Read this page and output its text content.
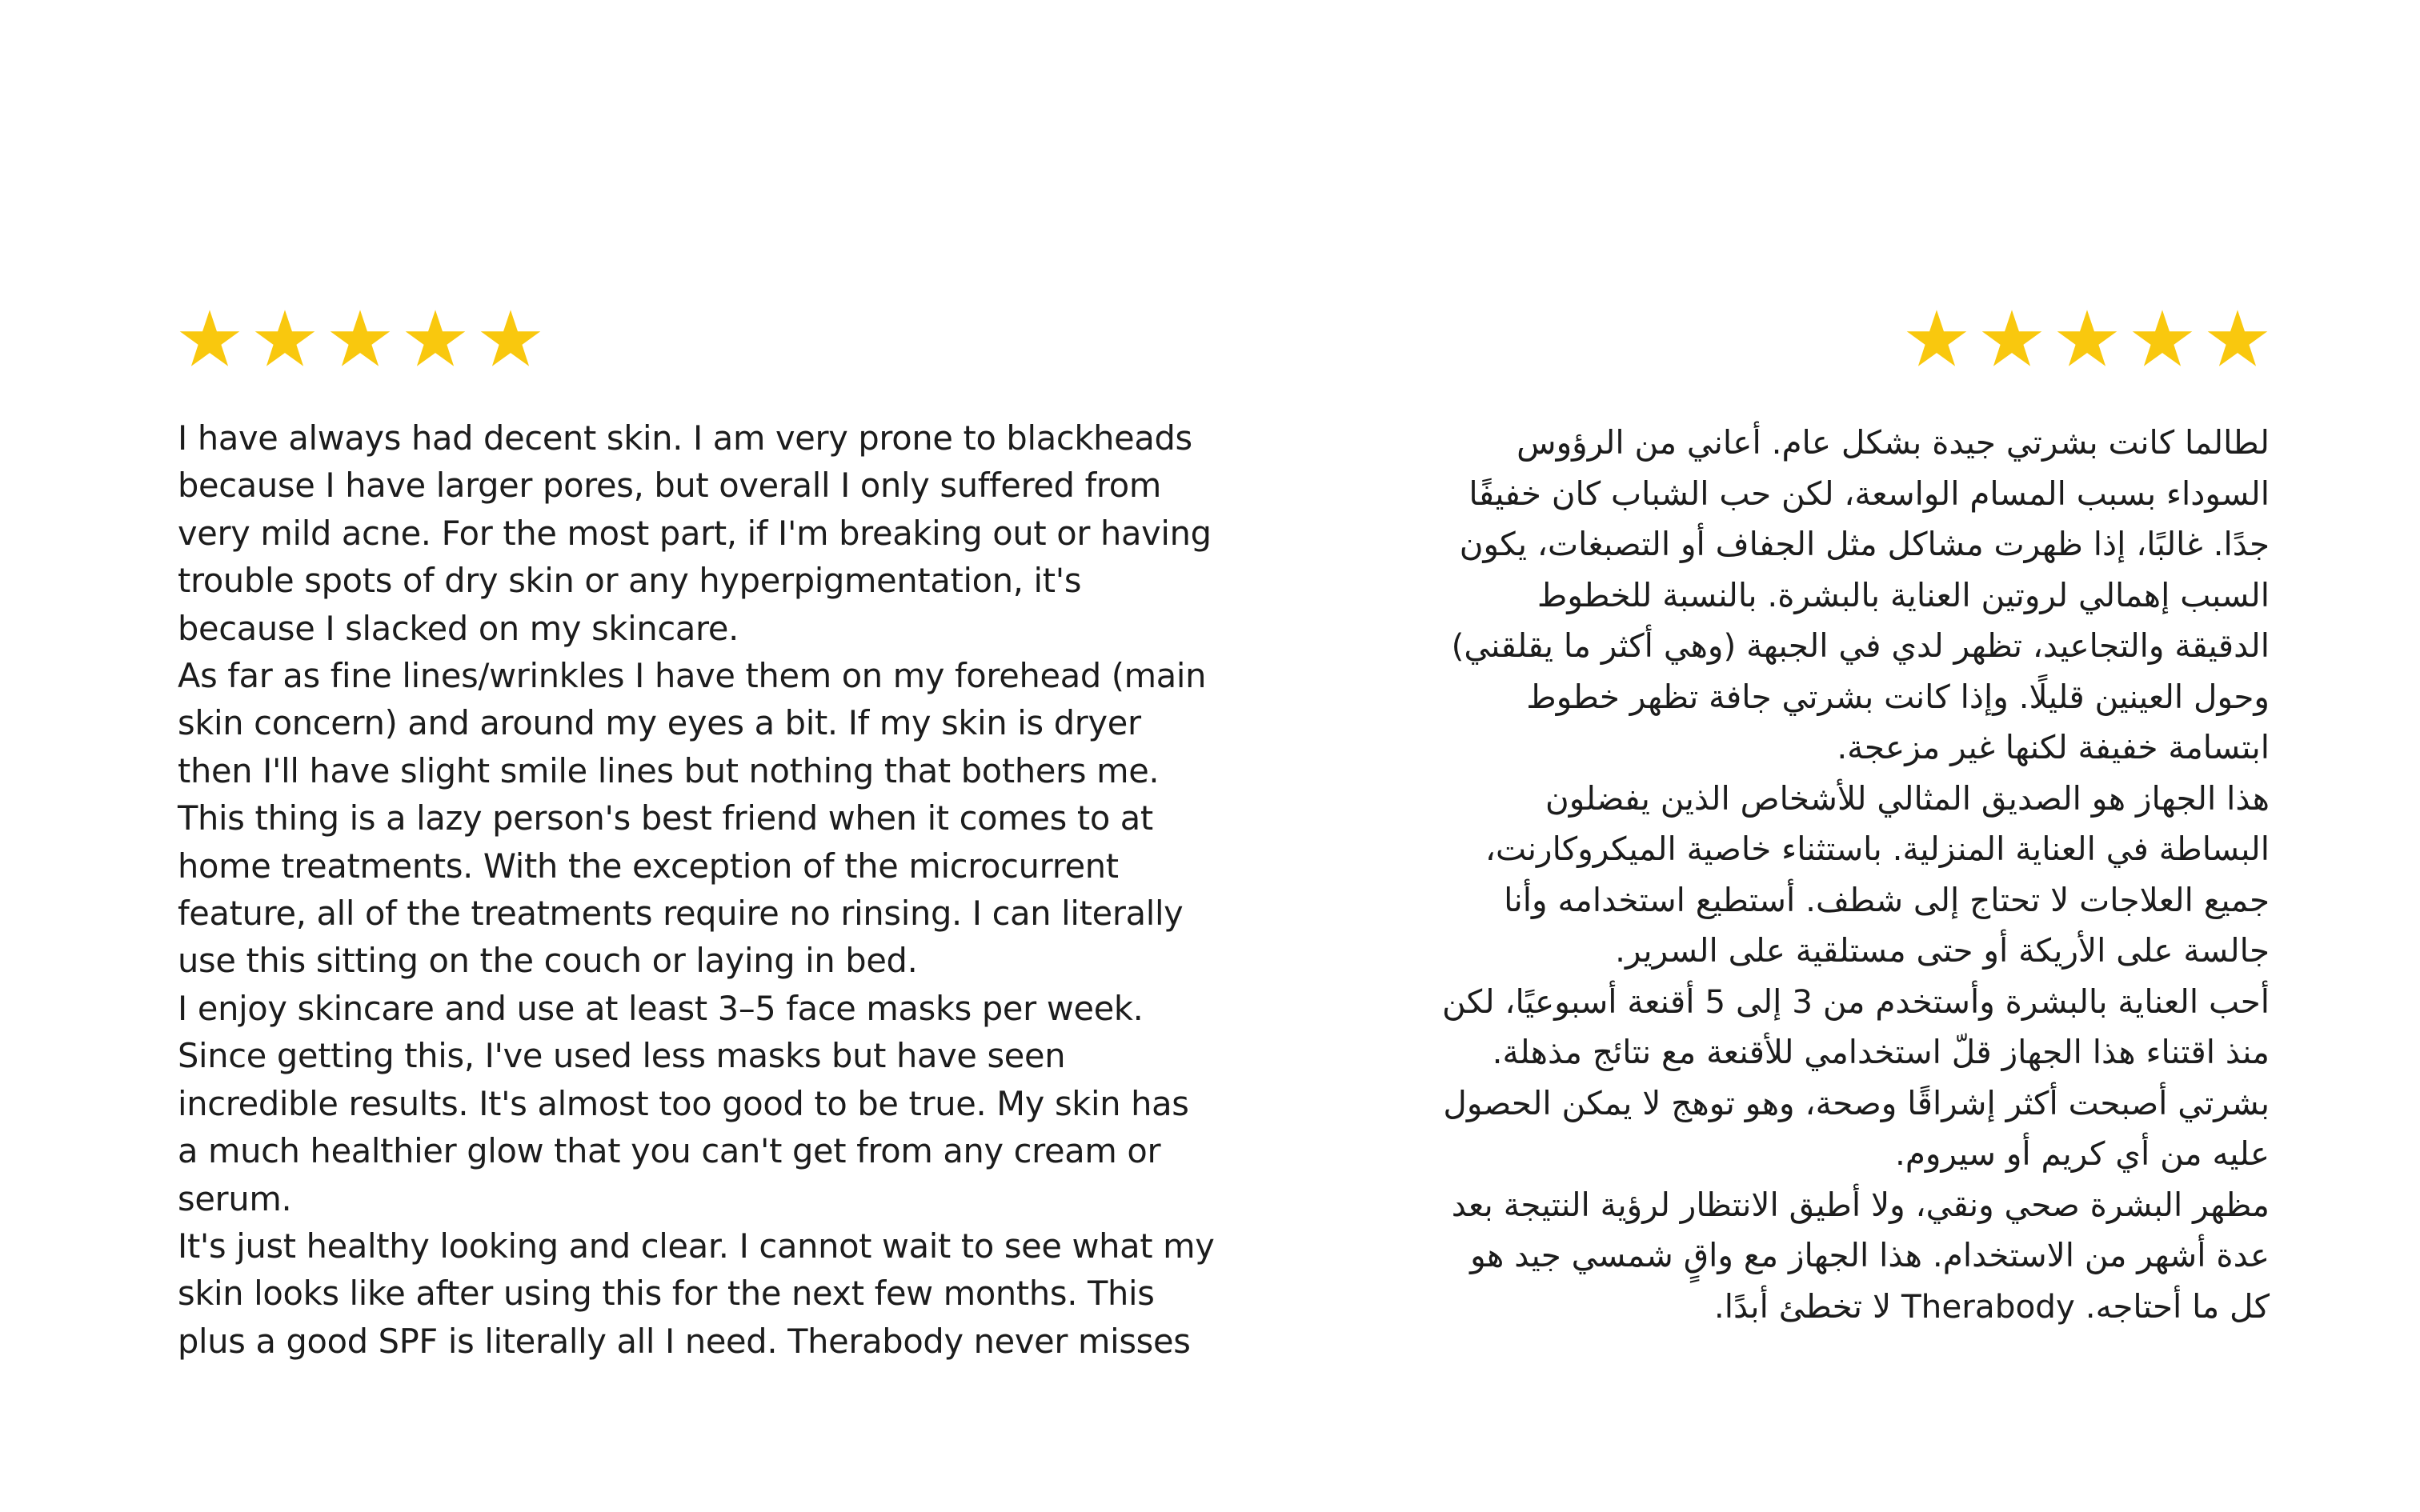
I have always had decent skin. I am very prone to blackheads because I have larger pores, but overall I only suffered from very mild acne. For the most part, if I'm breaking out or having trouble spots of dry skin or any hyperpigmentation, it's because I slacked on my skincare.

As far as fine lines/wrinkles I have them on my forehead (main skin concern) and around my eyes a bit. If my skin is dryer then I'll have slight smile lines but nothing that bothers me.

This thing is a lazy person's best friend when it comes to at home treatments. With the exception of the microcurrent feature, all of the treatments require no rinsing. I can literally use this sitting on the couch or laying in bed.

I enjoy skincare and use at least 3–5 face masks per week. Since getting this, I've used less masks but have seen incredible results. It's almost too good to be true. My skin has a much healthier glow that you can't get from any cream or serum.

It's just healthy looking and clear. I cannot wait to see what my skin looks like after using this for the next few months. This plus a good SPF is literally all I need. Therabody never misses

لطالما كانت بشرتي جيدة بشكل عام. أعاني من الرؤوس السوداء بسبب المسام الواسعة، لكن حب الشباب كان خفيفًا جدًا. غالبًا، إذا ظهرت مشاكل مثل الجفاف أو التصبغات، يكون السبب إهمالي لروتين العناية بالبشرة. بالنسبة للخطوط الدقيقة والتجاعيد، تظهر لدي في الجبهة (وهي أكثر ما يقلقني) وحول العينين قليلًا. وإذا كانت بشرتي جافة تظهر خطوط ابتسامة خفيفة لكنها غير مزعجة.

هذا الجهاز هو الصديق المثالي للأشخاص الذين يفضلون البساطة في العناية المنزلية. باستثناء خاصية الميكروكارنت، جميع العلاجات لا تحتاج إلى شطف. أستطيع استخدامه وأنا جالسة على الأريكة أو حتى مستلقية على السرير.

أحب العناية بالبشرة وأستخدم من 3 إلى 5 أقنعة أسبوعيًا، لكن منذ اقتناء هذا الجهاز قلّ استخدامي للأقنعة مع نتائج مذهلة. بشرتي أصبحت أكثر إشراقًا وصحة، وهو توهج لا يمكن الحصول عليه من أي كريم أو سيروم.

مظهر البشرة صحي ونقي، ولا أطيق الانتظار لرؤية النتيجة بعد عدة أشهر من الاستخدام. هذا الجهاز مع واقٍ شمسي جيد هو كل ما أحتاجه. Therabody لا تخطئ أبدًا.
